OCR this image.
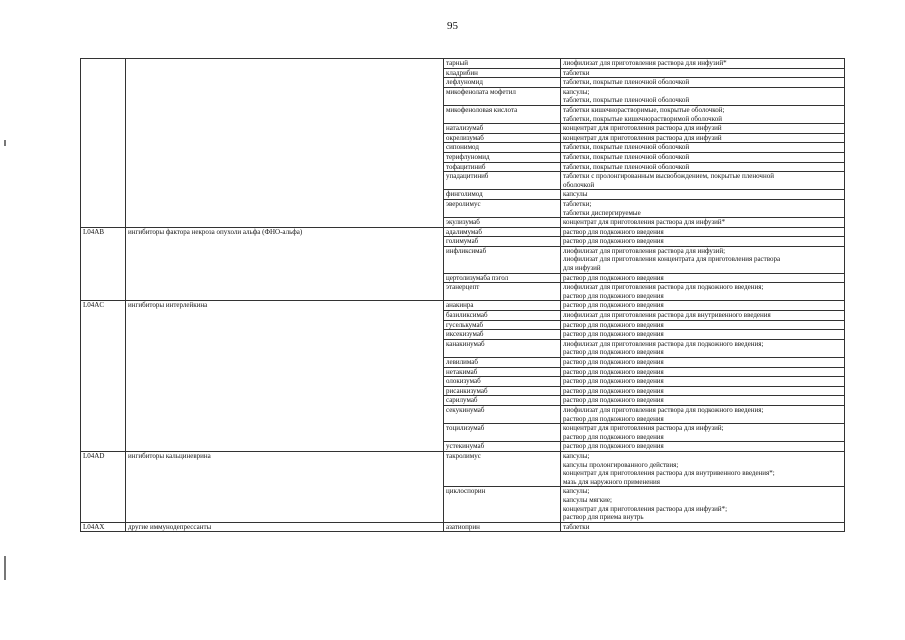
95
		тарный	лиофилизат для приготовления раствора для инфузий*

		кладрибин	таблетки

		лефлуномид	таблетки, покрытые пленочной оболочкой

		микофенолата мофетил	капсулы;
таблетки, покрытые пленочной оболочкой

		микофеноловая кислота	таблетки кишечнорастворимые, покрытые оболочкой;
таблетки, покрытые кишечнорастворимой оболочкой

		натализумаб	концентрат для приготовления раствора для инфузий

		окрелизумаб	концентрат для приготовления раствора для инфузий

		сипонимод	таблетки, покрытые пленочной оболочкой

		терифлуномид	таблетки, покрытые пленочной оболочкой

		тофацитиниб	таблетки, покрытые пленочной оболочкой

		упадацитиниб	таблетки с пролонгированным высвобождением, покрытые пленочной
оболочкой

		финголимод	капсулы

		эверолимус	таблетки;
таблетки диспергируемые

		экулизумаб	концентрат для приготовления раствора для инфузий*

L04AB	ингибиторы фактора некроза опухоли альфа (ФНО-альфа)	адалимумаб	раствор для подкожного введения

		голимумаб	раствор для подкожного введения

		инфликсимаб	лиофилизат для приготовления раствора для инфузий;
лиофилизат для приготовления концентрата для приготовления раствора
для инфузий

		цертолизумаба пэгол	раствор для подкожного введения

		этанерцепт	лиофилизат для приготовления раствора для подкожного введения;
раствор для подкожного введения

L04AC	ингибиторы интерлейкина	анакинра	раствор для подкожного введения

		базиликсимаб	лиофилизат для приготовления раствора для внутривенного введения

		гуселькумаб	раствор для подкожного введения

		иксекизумаб	раствор для подкожного введения

		канакинумаб	лиофилизат для приготовления раствора для подкожного введения;
раствор для подкожного введения

		левилимаб	раствор для подкожного введения

		нетакимаб	раствор для подкожного введения

		олокизумаб	раствор для подкожного введения

		рисанкизумаб	раствор для подкожного введения

		сарилумаб	раствор для подкожного введения

		секукинумаб	лиофилизат для приготовления раствора для подкожного введения;
раствор для подкожного введения

		тоцилизумаб	концентрат для приготовления раствора для инфузий;
раствор для подкожного введения

		устекинумаб	раствор для подкожного введения

L04AD	ингибиторы кальциневрина	такролимус	капсулы;
капсулы пролонгированного действия;
концентрат для приготовления раствора для внутривенного введения*;
мазь для наружного применения

		циклоспорин	капсулы;
капсулы мягкие;
концентрат для приготовления раствора для инфузий*;
раствор для приема внутрь

L04AX	другие иммунодепрессанты	азатиоприн	таблетки
